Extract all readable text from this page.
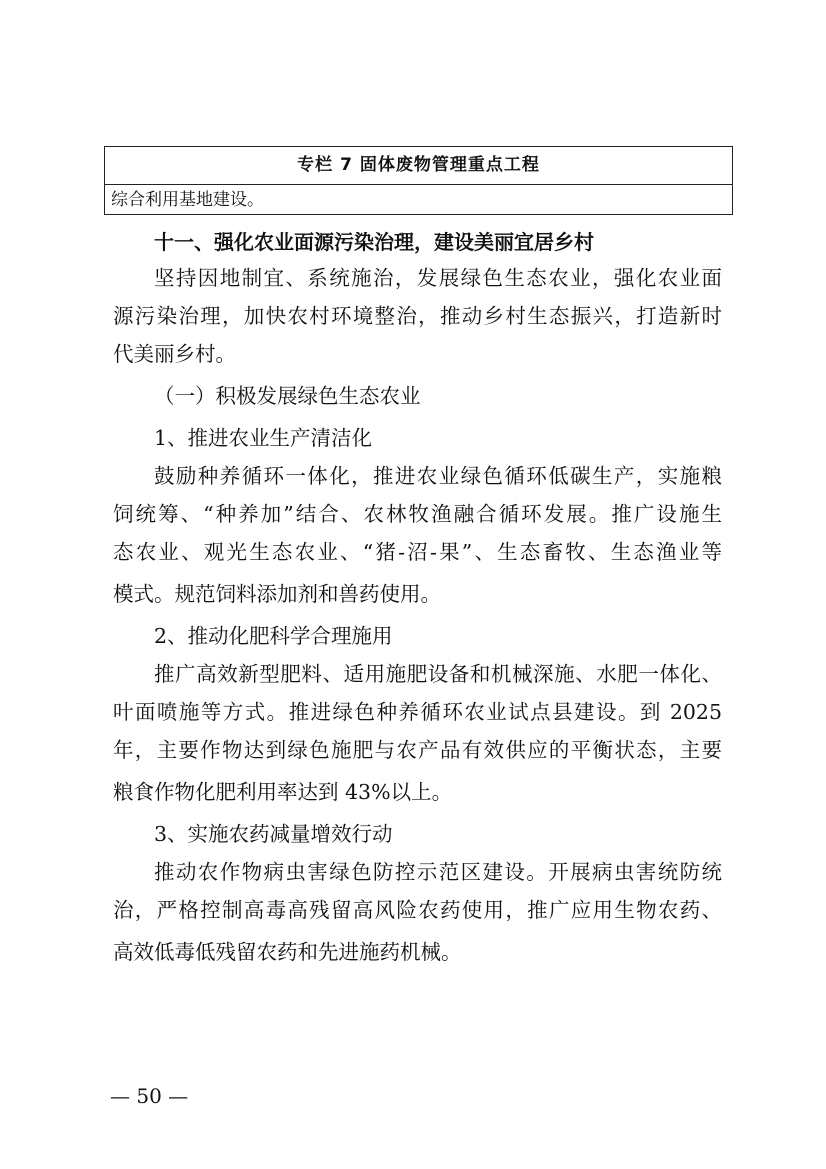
专栏 7 固体废物管理重点工程
综合利用基地建设。
十一、强化农业面源污染治理，建设美丽宜居乡村
坚持因地制宜、系统施治，发展绿色生态农业，强化农业面
源污染治理，加快农村环境整治，推动乡村生态振兴，打造新时
代美丽乡村。
（一）积极发展绿色生态农业
1、推进农业生产清洁化
鼓励种养循环一体化，推进农业绿色循环低碳生产，实施粮
饲统筹、“种养加”结合、农林牧渔融合循环发展。推广设施生
态农业、观光生态农业、“猪-沼-果”、生态畜牧、生态渔业等
模式。规范饲料添加剂和兽药使用。
2、推动化肥科学合理施用
推广高效新型肥料、适用施肥设备和机械深施、水肥一体化、
叶面喷施等方式。推进绿色种养循环农业试点县建设。到 2025
年，主要作物达到绿色施肥与农产品有效供应的平衡状态，主要
粮食作物化肥利用率达到 43%以上。
3、实施农药减量增效行动
推动农作物病虫害绿色防控示范区建设。开展病虫害统防统
治，严格控制高毒高残留高风险农药使用，推广应用生物农药、
高效低毒低残留农药和先进施药机械。
— 50 —
